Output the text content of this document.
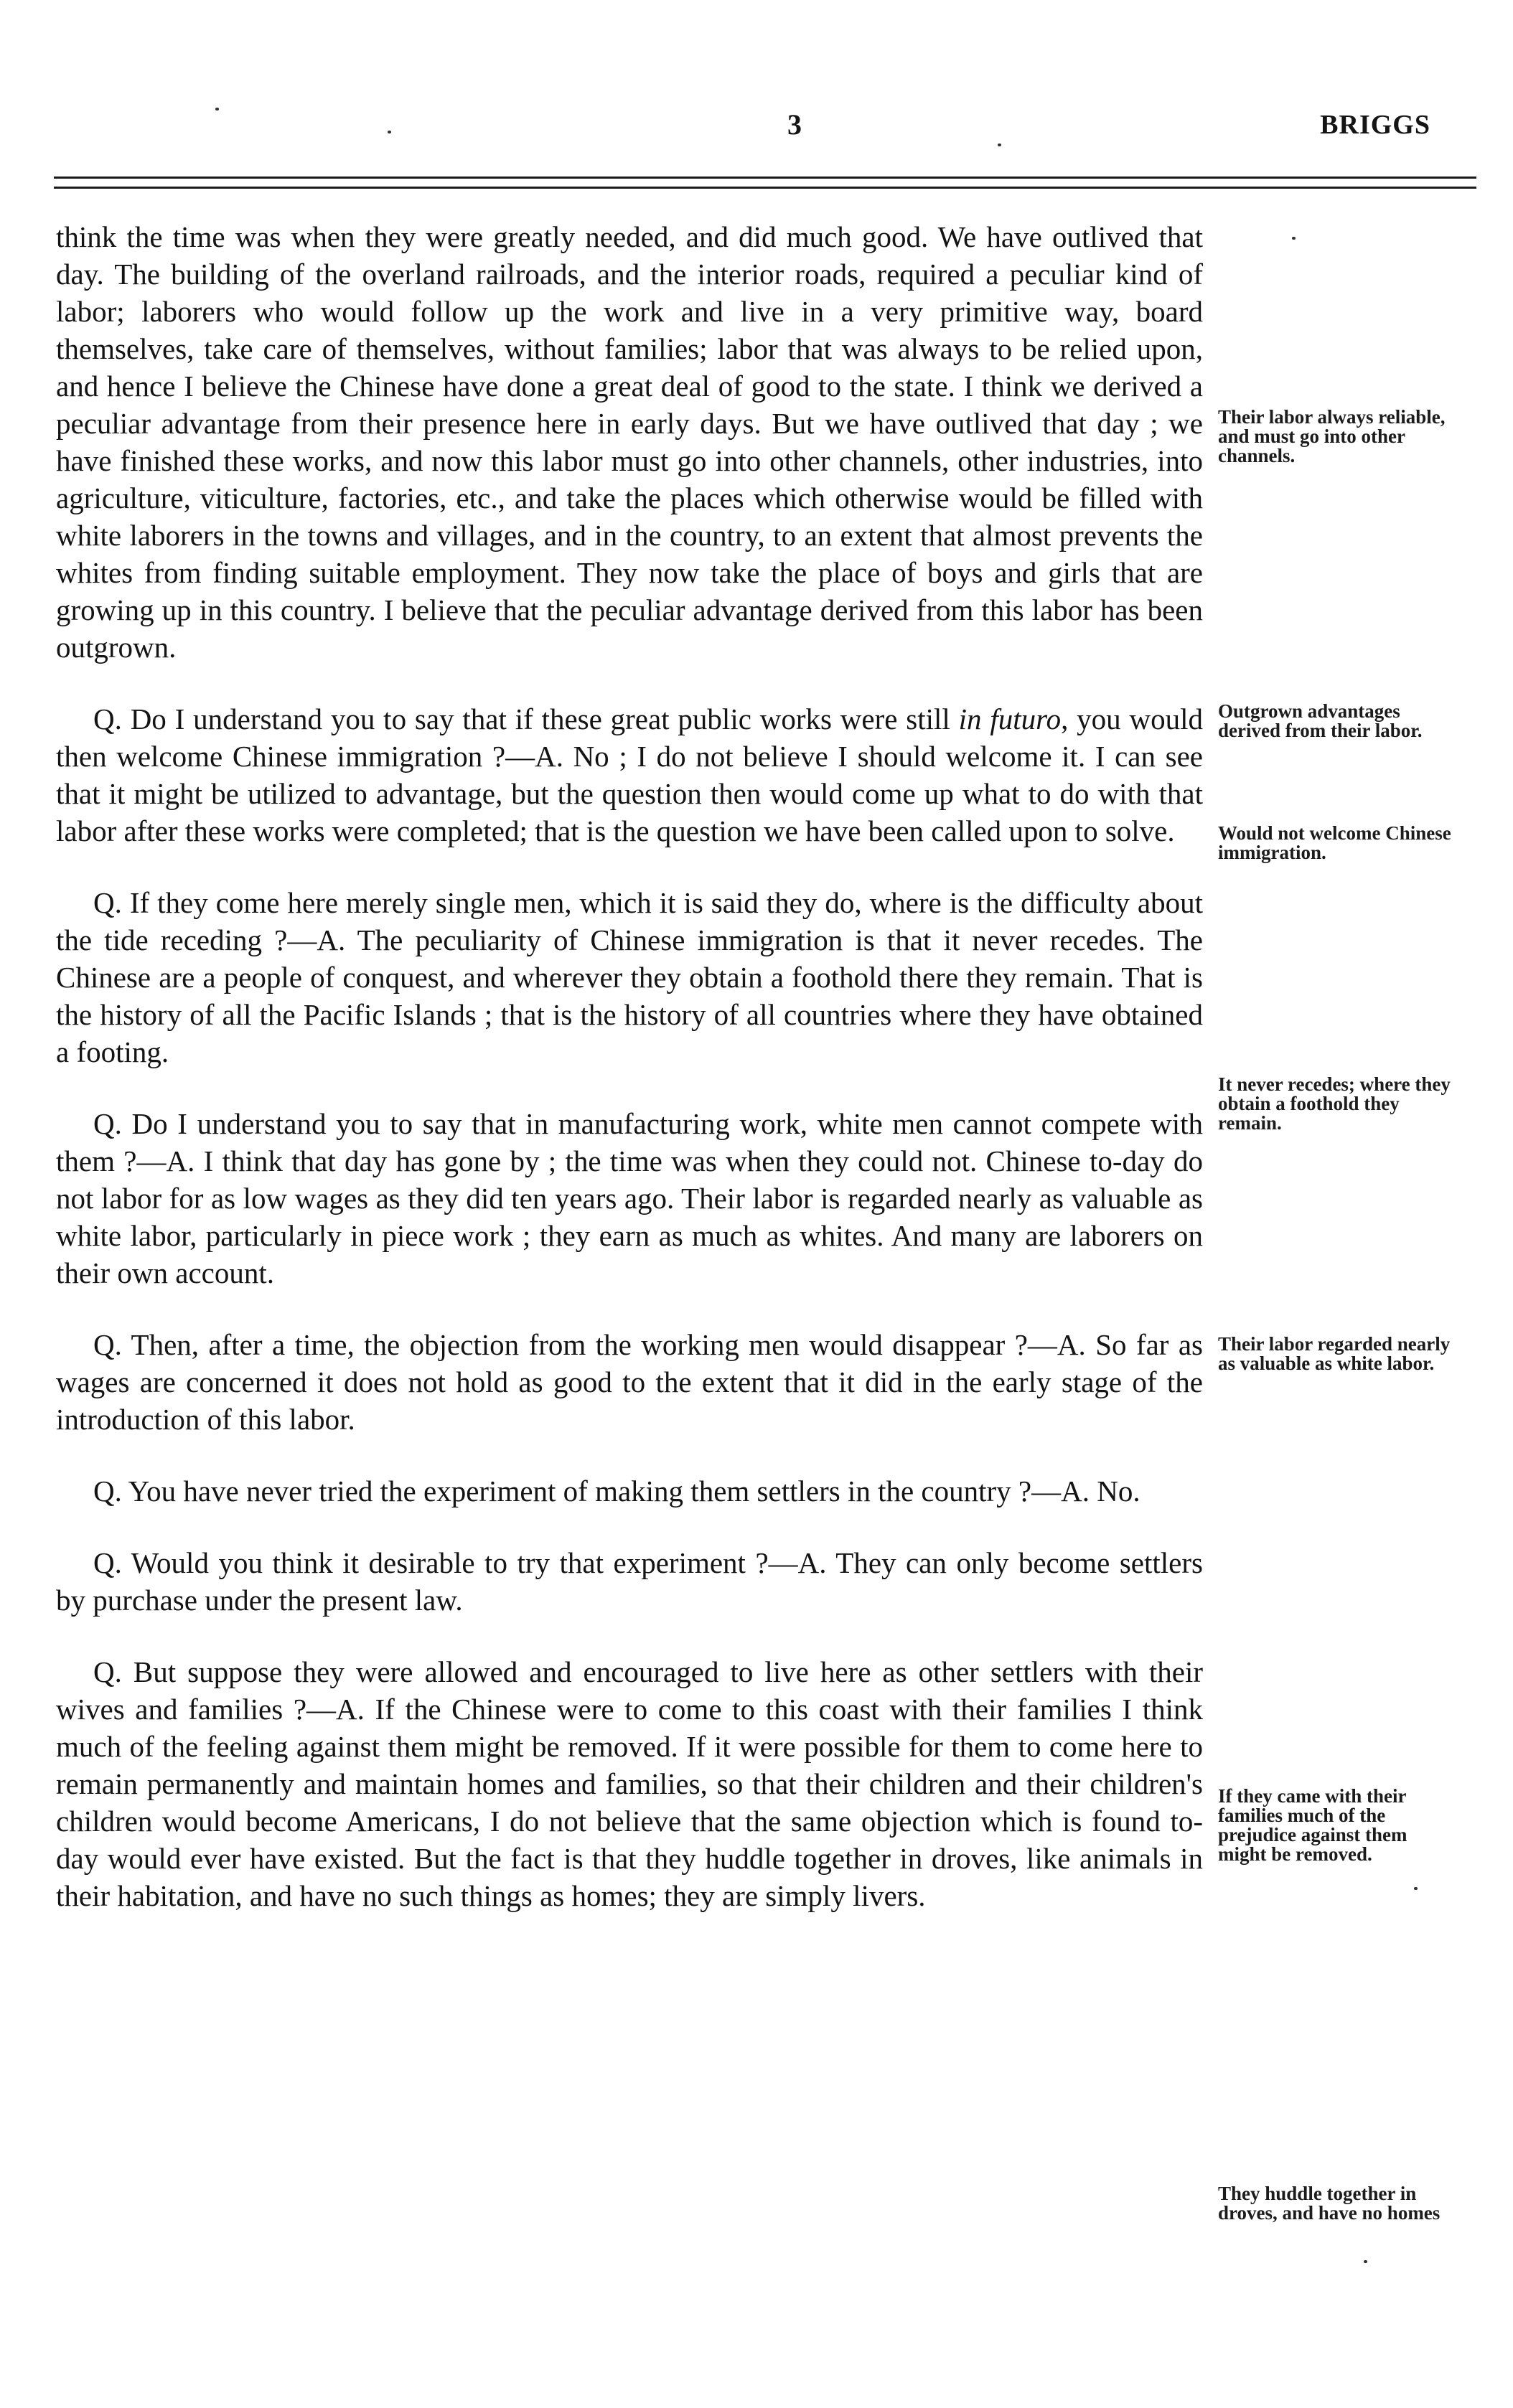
3	BRIGGS

think the time was when they were greatly needed, and did much good. We have outlived that day. The building of the overland railroads, and the interior roads, required a peculiar kind of labor; laborers who would follow up the work and live in a very primitive way, board themselves, take care of themselves, without families; labor that was always to be relied upon, and hence I believe the Chinese have done a great deal of good to the state. I think we derived a peculiar advantage from their presence here in early days. But we have outlived that day ; we have finished these works, and now this labor must go into other channels, other industries, into agriculture, viticulture, factories, etc., and take the places which otherwise would be filled with white laborers in the towns and villages, and in the country, to an extent that almost prevents the whites from finding suitable employment. They now take the place of boys and girls that are growing up in this country. I believe that the peculiar advantage derived from this labor has been outgrown.

Q. Do I understand you to say that if these great public works were still in futuro, you would then welcome Chinese immigration ?—A. No ; I do not believe I should welcome it. I can see that it might be utilized to advantage, but the question then would come up what to do with that labor after these works were completed; that is the question we have been called upon to solve.

Q. If they come here merely single men, which it is said they do, where is the difficulty about the tide receding ?—A. The peculiarity of Chinese immigration is that it never recedes. The Chinese are a people of conquest, and wherever they obtain a foothold there they remain. That is the history of all the Pacific Islands ; that is the history of all countries where they have obtained a footing.

Q. Do I understand you to say that in manufacturing work, white men cannot compete with them ?—A. I think that day has gone by ; the time was when they could not. Chinese to-day do not labor for as low wages as they did ten years ago. Their labor is regarded nearly as valuable as white labor, particularly in piece work ; they earn as much as whites. And many are laborers on their own account.

Q. Then, after a time, the objection from the working men would disappear ?—A. So far as wages are concerned it does not hold as good to the extent that it did in the early stage of the introduction of this labor.

Q. You have never tried the experiment of making them settlers in the country ?—A. No.

Q. Would you think it desirable to try that experiment ?—A. They can only become settlers by purchase under the present law.

Q. But suppose they were allowed and encouraged to live here as other settlers with their wives and families ?—A. If the Chinese were to come to this coast with their families I think much of the feeling against them might be removed. If it were possible for them to come here to remain permanently and maintain homes and families, so that their children and their children's children would become Americans, I do not believe that the same objection which is found to-day would ever have existed. But the fact is that they huddle together in droves, like animals in their habitation, and have no such things as homes; they are simply livers.

Their labor always reliable, and must go into other channels.
Outgrown advantages derived from their labor.
Would not welcome Chinese immigration.
It never recedes; where they obtain a foothold they remain.
Their labor regarded nearly as valuable as white labor.
If they came with their families much of the prejudice against them might be removed.
They huddle together in droves, and have no homes
